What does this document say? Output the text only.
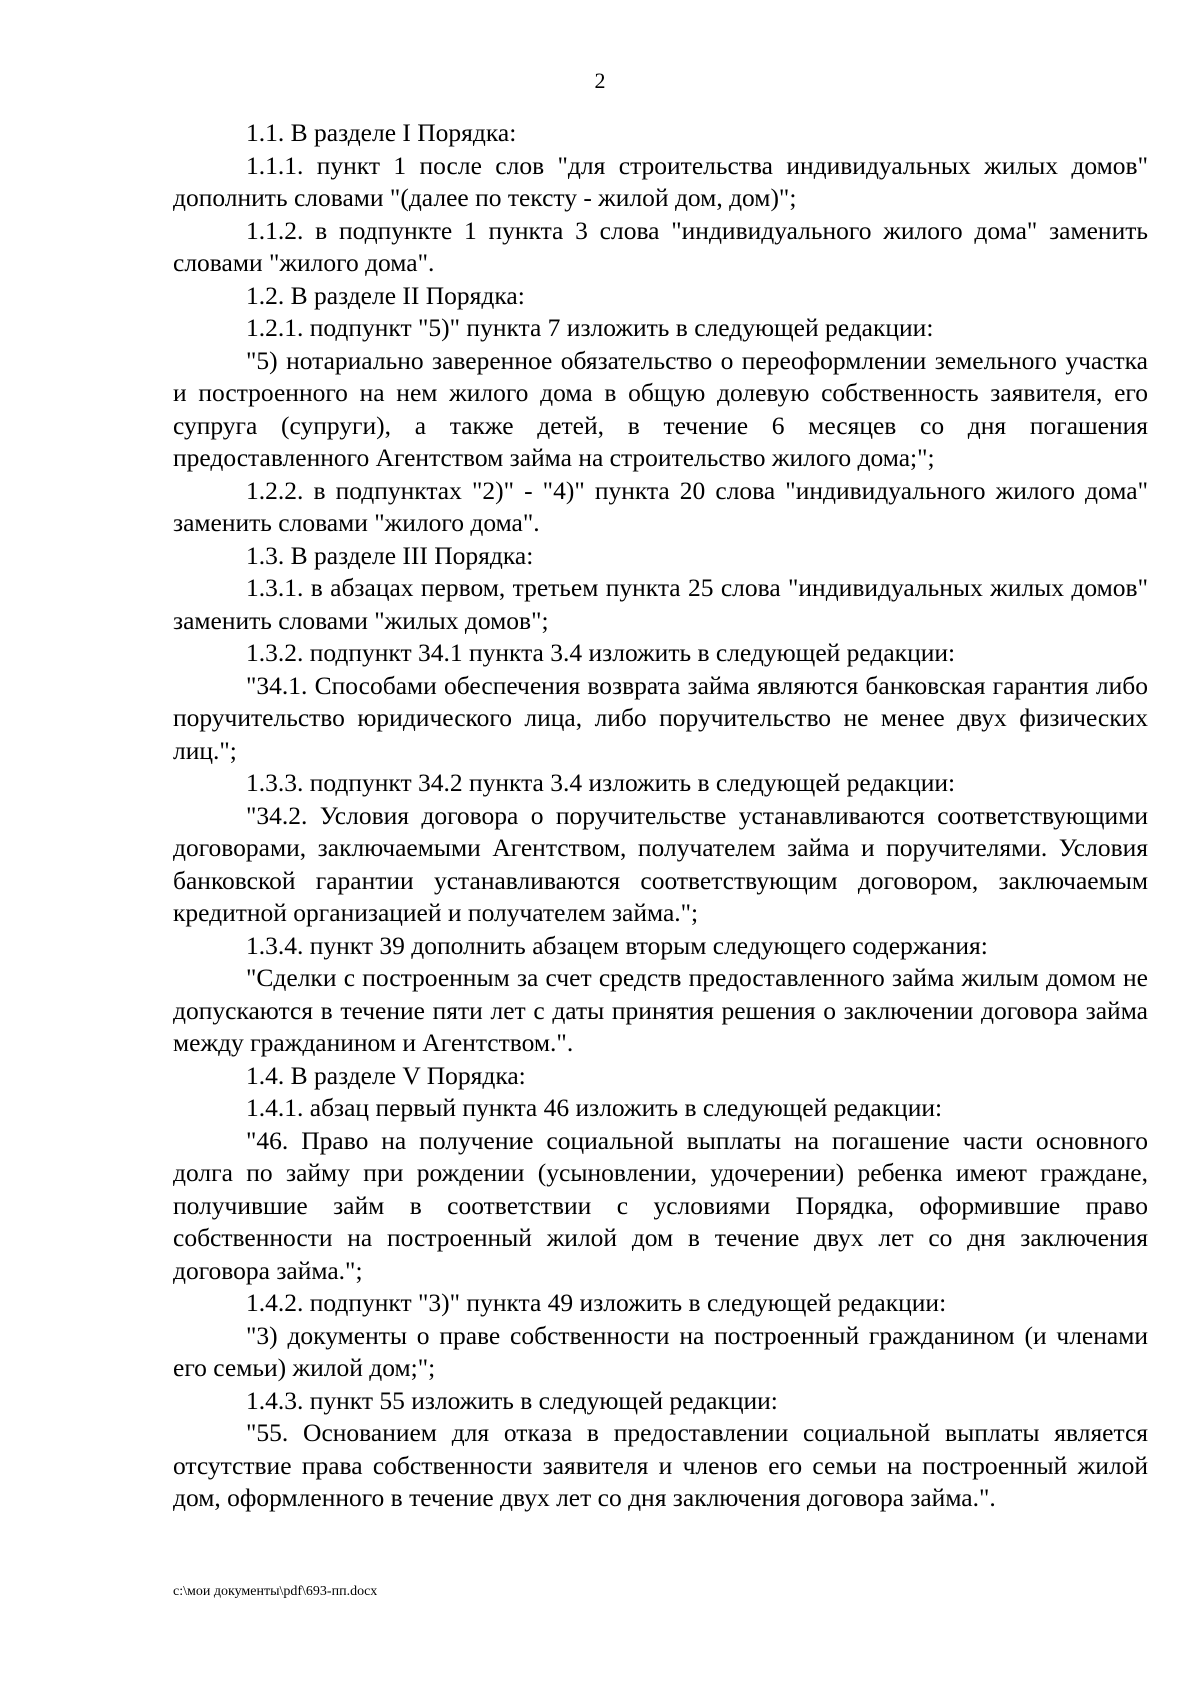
2

1.1. В разделе I Порядка:

1.1.1. пункт 1 после слов "для строительства индивидуальных жилых домов" дополнить словами "(далее по тексту - жилой дом, дом)";

1.1.2. в подпункте 1 пункта 3 слова "индивидуального жилого дома" заменить словами "жилого дома".

1.2. В разделе II Порядка:

1.2.1. подпункт "5)" пункта 7 изложить в следующей редакции:

"5) нотариально заверенное обязательство о переоформлении земельного участка и построенного на нем жилого дома в общую долевую собственность заявителя, его супруга (супруги), а также детей, в течение 6 месяцев со дня погашения предоставленного Агентством займа на строительство жилого дома;";

1.2.2. в подпунктах "2)" - "4)" пункта 20 слова "индивидуального жилого дома" заменить словами "жилого дома".

1.3. В разделе III Порядка:

1.3.1. в абзацах первом, третьем пункта 25 слова "индивидуальных жилых домов" заменить словами "жилых домов";

1.3.2. подпункт 34.1 пункта 3.4 изложить в следующей редакции:

"34.1. Способами обеспечения возврата займа являются банковская гарантия либо поручительство юридического лица, либо поручительство не менее двух физических лиц.";

1.3.3. подпункт 34.2 пункта 3.4 изложить в следующей редакции:

"34.2. Условия договора о поручительстве устанавливаются соответствующими договорами, заключаемыми Агентством, получателем займа и поручителями. Условия банковской гарантии устанавливаются соответствующим договором, заключаемым кредитной организацией и получателем займа.";

1.3.4. пункт 39 дополнить абзацем вторым следующего содержания:

"Сделки с построенным за счет средств предоставленного займа жилым домом не допускаются в течение пяти лет с даты принятия решения о заключении договора займа между гражданином и Агентством.".

1.4. В разделе V Порядка:

1.4.1. абзац первый пункта 46 изложить в следующей редакции:

"46. Право на получение социальной выплаты на погашение части основного долга по займу при рождении (усыновлении, удочерении) ребенка имеют граждане, получившие займ в соответствии с условиями Порядка, оформившие право собственности на построенный жилой дом в течение двух лет со дня заключения договора займа.";

1.4.2. подпункт "3)" пункта 49 изложить в следующей редакции:

"3) документы о праве собственности на построенный гражданином (и членами его семьи) жилой дом;";

1.4.3. пункт 55 изложить в следующей редакции:

"55. Основанием для отказа в предоставлении социальной выплаты является отсутствие права собственности заявителя и членов его семьи на построенный жилой дом, оформленного в течение двух лет со дня заключения договора займа.".

c:\мои документы\pdf\693-пп.docx
